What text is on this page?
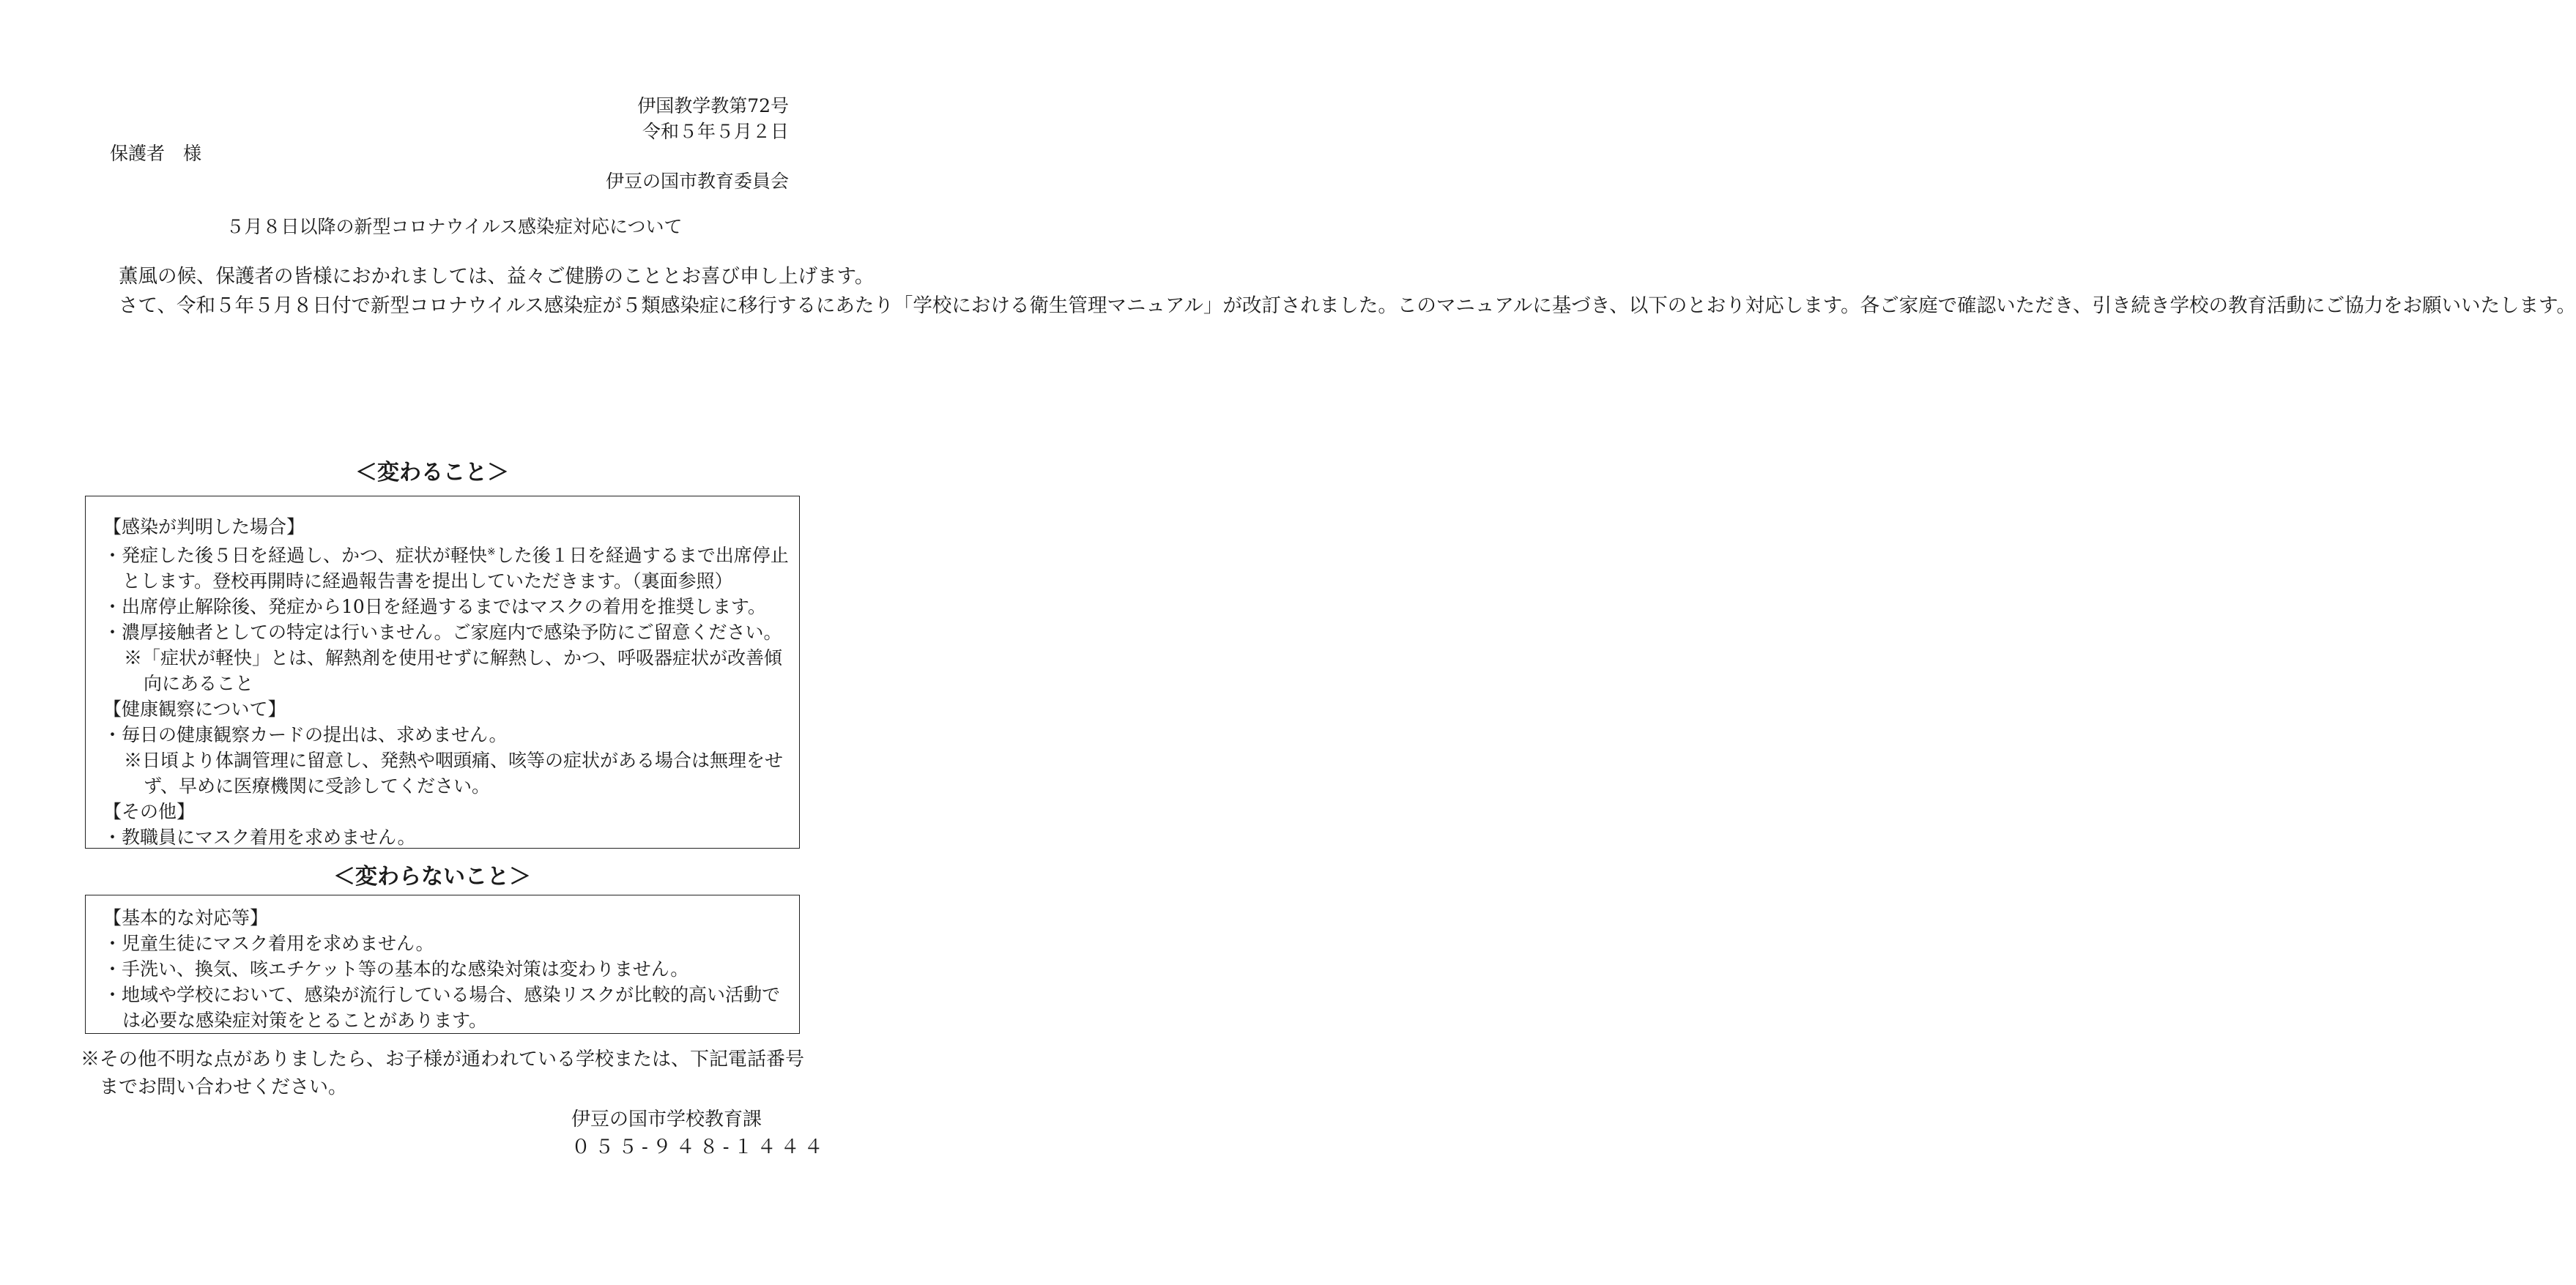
伊国教学教第72号
令和５年５月２日
保護者　様
伊豆の国市教育委員会
５月８日以降の新型コロナウイルス感染症対応について

薫風の候、保護者の皆様におかれましては、益々ご健勝のこととお喜び申し上げます。

さて、令和５年５月８日付で新型コロナウイルス感染症が５類感染症に移行するにあたり「学校における衛生管理マニュアル」が改訂されました。このマニュアルに基づき、以下のとおり対応します。各ご家庭で確認いただき、引き続き学校の教育活動にご協力をお願いいたします。

＜変わること＞
【感染が判明した場合】
・発症した後５日を経過し、かつ、症状が軽快※した後１日を経過するまで出席停止とします。登校再開時に経過報告書を提出していただきます。（裏面参照）
・出席停止解除後、発症から10日を経過するまではマスクの着用を推奨します。
・濃厚接触者としての特定は行いません。ご家庭内で感染予防にご留意ください。
※「症状が軽快」とは、解熱剤を使用せずに解熱し、かつ、呼吸器症状が改善傾向にあること
【健康観察について】
・毎日の健康観察カードの提出は、求めません。
※日頃より体調管理に留意し、発熱や咽頭痛、咳等の症状がある場合は無理をせず、早めに医療機関に受診してください。
【その他】
・教職員にマスク着用を求めません。
＜変わらないこと＞
【基本的な対応等】
・児童生徒にマスク着用を求めません。
・手洗い、換気、咳エチケット等の基本的な感染対策は変わりません。
・地域や学校において、感染が流行している場合、感染リスクが比較的高い活動では必要な感染症対策をとることがあります。
※その他不明な点がありましたら、お子様が通われている学校または、下記電話番号までお問い合わせください。
伊豆の国市学校教育課
０５５-９４８-１４４４
